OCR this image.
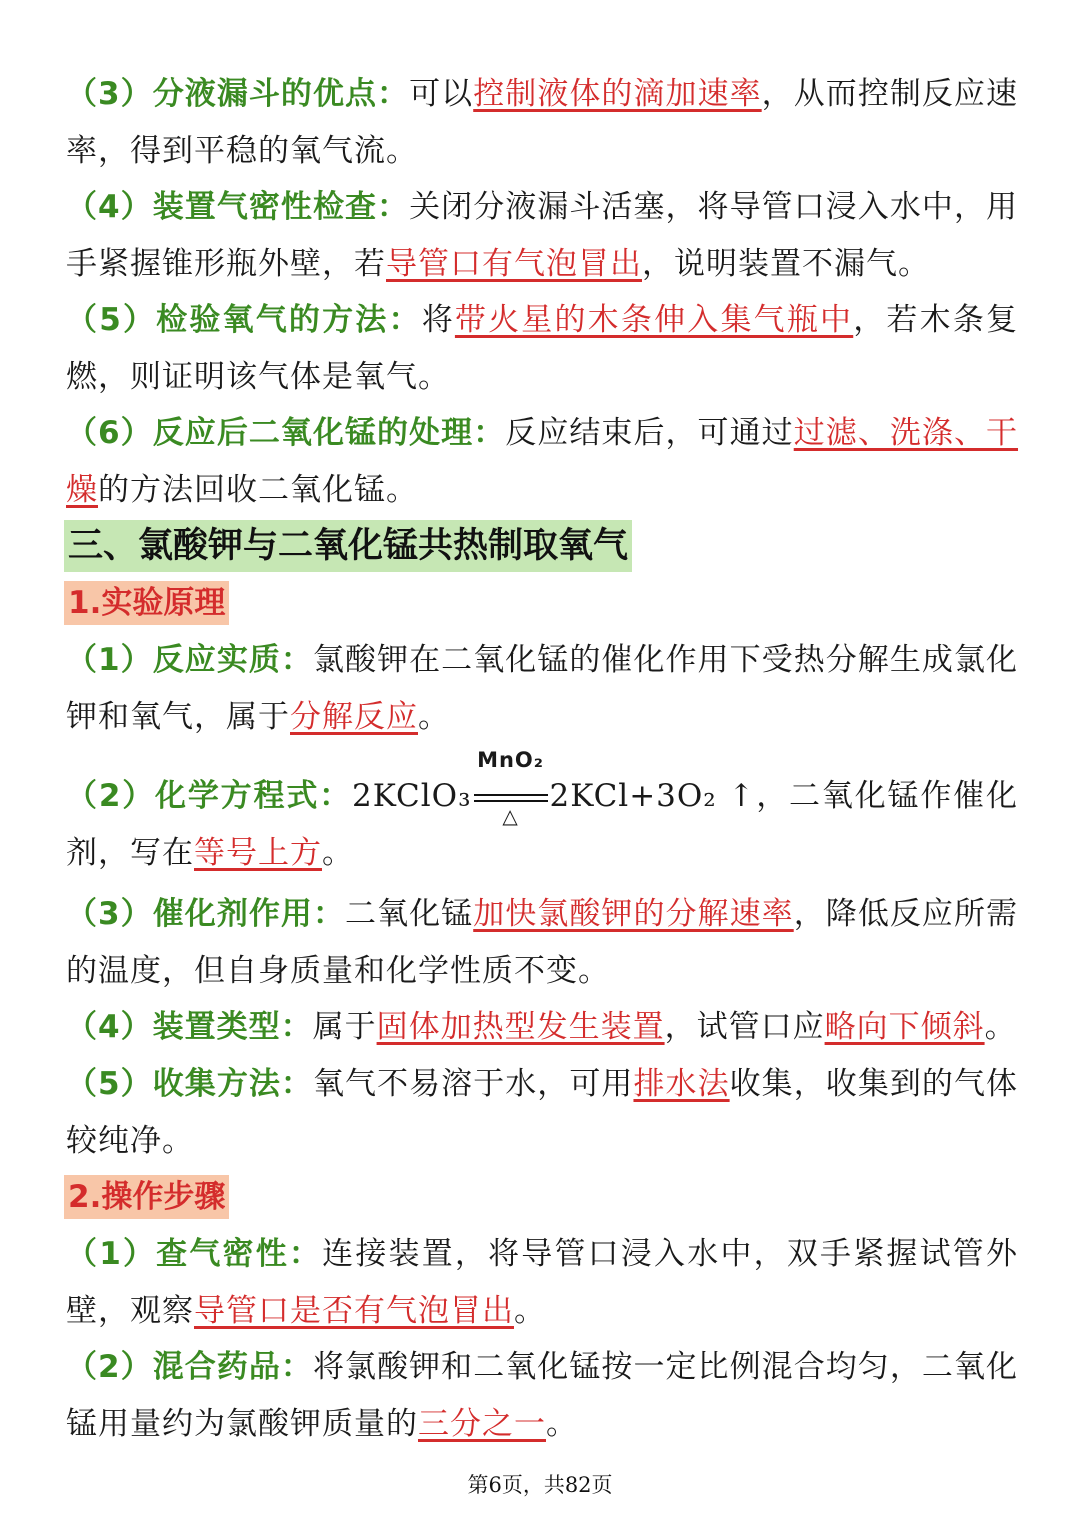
（3）分液漏斗的优点：可以控制液体的滴加速率，从而控制反应速率，得到平稳的氧气流。

（4）装置气密性检查：关闭分液漏斗活塞，将导管口浸入水中，用手紧握锥形瓶外壁，若导管口有气泡冒出，说明装置不漏气。

（5）检验氧气的方法：将带火星的木条伸入集气瓶中，若木条复燃，则证明该气体是氧气。

（6）反应后二氧化锰的处理：反应结束后，可通过过滤、洗涤、干燥的方法回收二氧化锰。

三、氯酸钾与二氧化锰共热制取氧气
1.实验原理

（1）反应实质：氯酸钾在二氧化锰的催化作用下受热分解生成氯化钾和氧气，属于分解反应。

（2）化学方程式：2KClO₃
MnO₂
△
2KCl+3O₂ ↑，二氧化锰作催化剂，写在等号上方。

（3）催化剂作用：二氧化锰加快氯酸钾的分解速率，降低反应所需的温度，但自身质量和化学性质不变。

（4）装置类型：属于固体加热型发生装置，试管口应略向下倾斜。

（5）收集方法：氧气不易溶于水，可用排水法收集，收集到的气体较纯净。

2.操作步骤

（1）查气密性：连接装置，将导管口浸入水中，双手紧握试管外壁，观察导管口是否有气泡冒出。

（2）混合药品：将氯酸钾和二氧化锰按一定比例混合均匀，二氧化锰用量约为氯酸钾质量的三分之一。

第6页，共82页
